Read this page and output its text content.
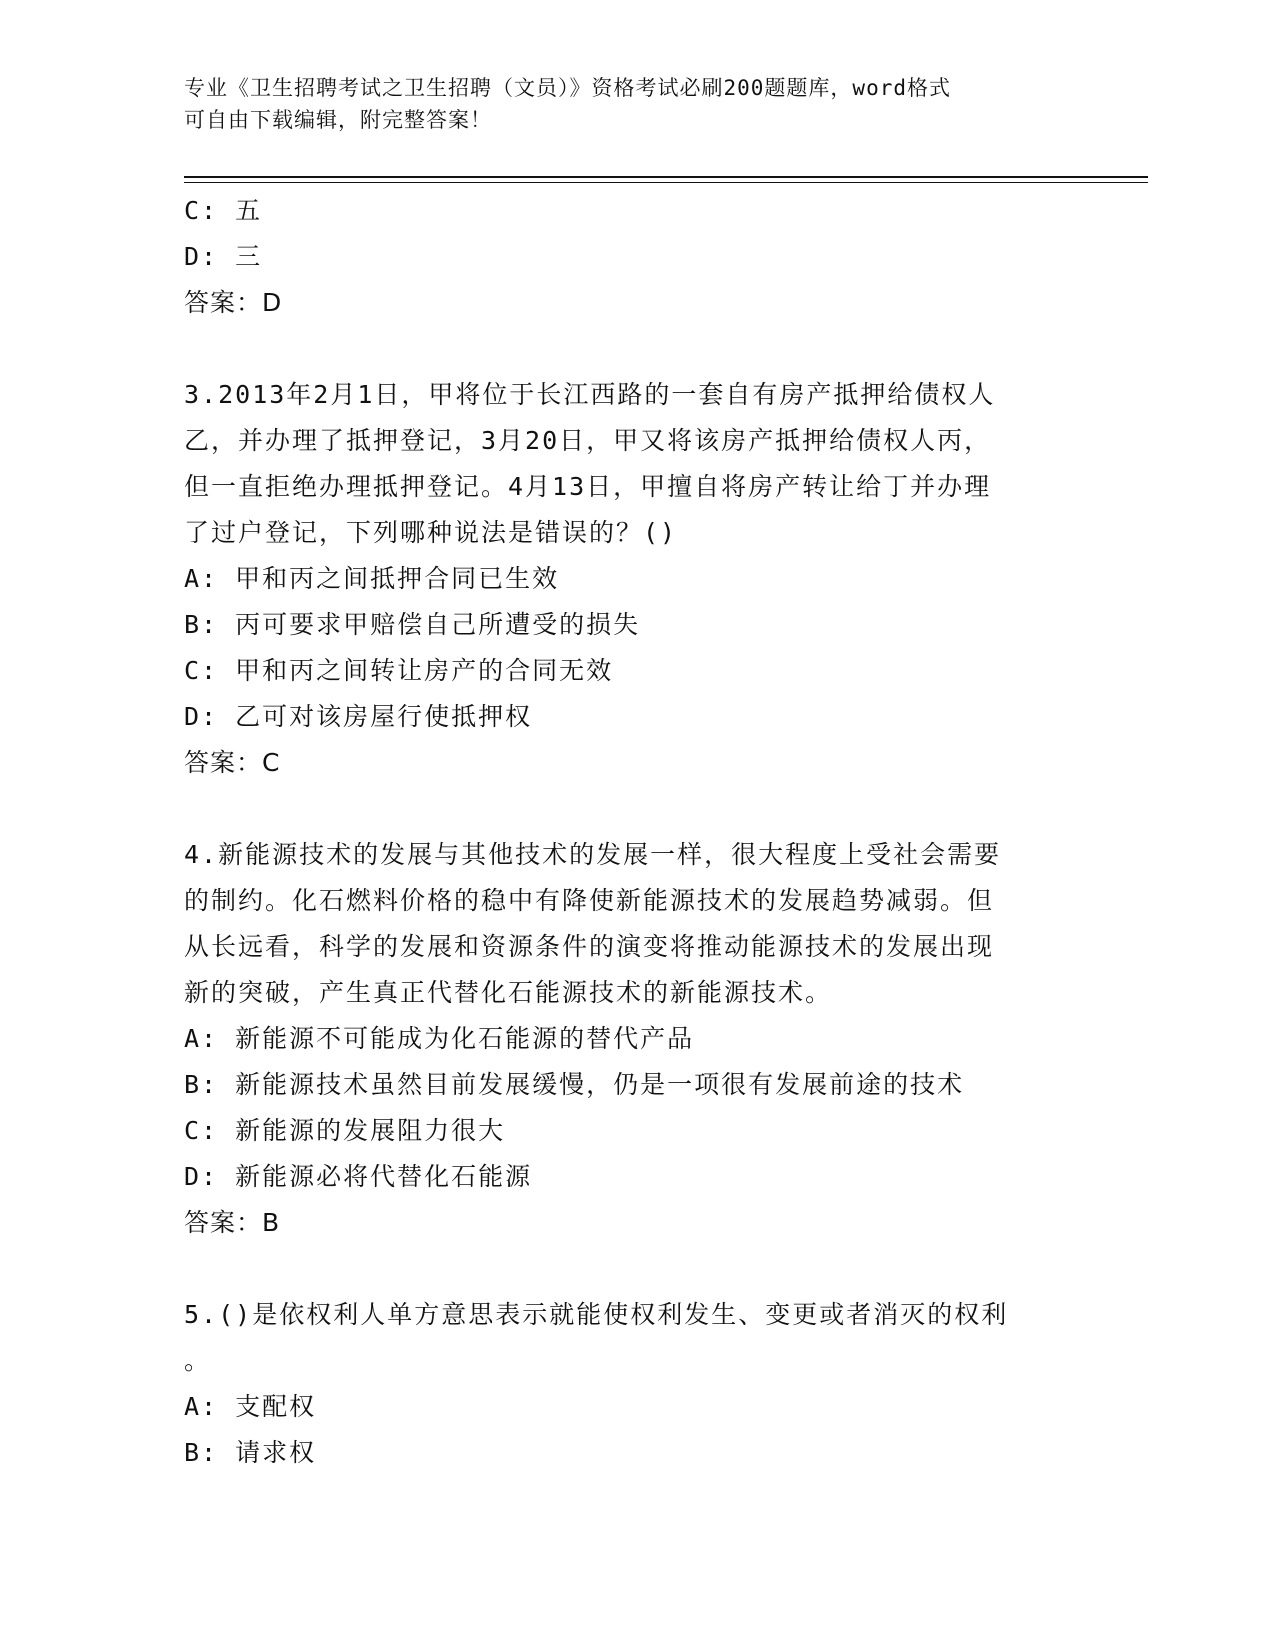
专业《卫生招聘考试之卫生招聘（文员）》资格考试必刷200题题库，word格式
可自由下载编辑，附完整答案！
C: 五
D: 三
答案：D
3.2013年2月1日，甲将位于长江西路的一套自有房产抵押给债权人
乙，并办理了抵押登记，3月20日，甲又将该房产抵押给债权人丙，
但一直拒绝办理抵押登记。4月13日，甲擅自将房产转让给丁并办理
了过户登记，下列哪种说法是错误的？()
A: 甲和丙之间抵押合同已生效
B: 丙可要求甲赔偿自己所遭受的损失
C: 甲和丙之间转让房产的合同无效
D: 乙可对该房屋行使抵押权
答案：C
4.新能源技术的发展与其他技术的发展一样，很大程度上受社会需要
的制约。化石燃料价格的稳中有降使新能源技术的发展趋势减弱。但
从长远看，科学的发展和资源条件的演变将推动能源技术的发展出现
新的突破，产生真正代替化石能源技术的新能源技术。
A: 新能源不可能成为化石能源的替代产品
B: 新能源技术虽然目前发展缓慢，仍是一项很有发展前途的技术
C: 新能源的发展阻力很大
D: 新能源必将代替化石能源
答案：B
5.()是依权利人单方意思表示就能使权利发生、变更或者消灭的权利
。
A: 支配权
B: 请求权
